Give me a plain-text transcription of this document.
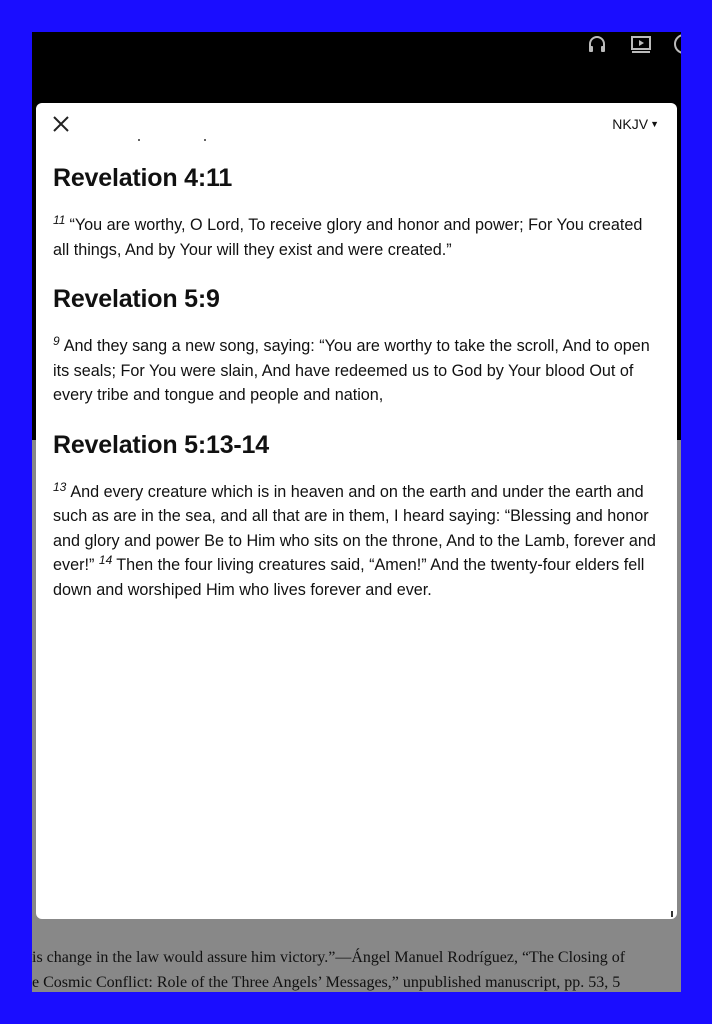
is change in the law would assure him victory.”—Ángel Manuel Rodríguez, “The Closing of

e Cosmic Conflict: Role of the Three Angels’ Messages,” unpublished manuscript, pp. 53, 5

NKJV ▼
Revelation 4:11

$^{11}$ “You are worthy, O Lord, To receive glory and honor and power; For You created all things, And by Your will they exist and were created.”

Revelation 5:9

$^9$ And they sang a new song, saying: “You are worthy to take the scroll, And to open its seals; For You were slain, And have redeemed us to God by Your blood Out of every tribe and tongue and people and nation,

Revelation 5:13-14

$^{13}$ And every creature which is in heaven and on the earth and under the earth and such as are in the sea, and all that are in them, I heard saying: “Blessing and honor and glory and power Be to Him who sits on the throne, And to the Lamb, forever and ever!” $^{14}$ Then the four living creatures said, “Amen!” And the twenty-four elders fell down and worshiped Him who lives forever and ever.
